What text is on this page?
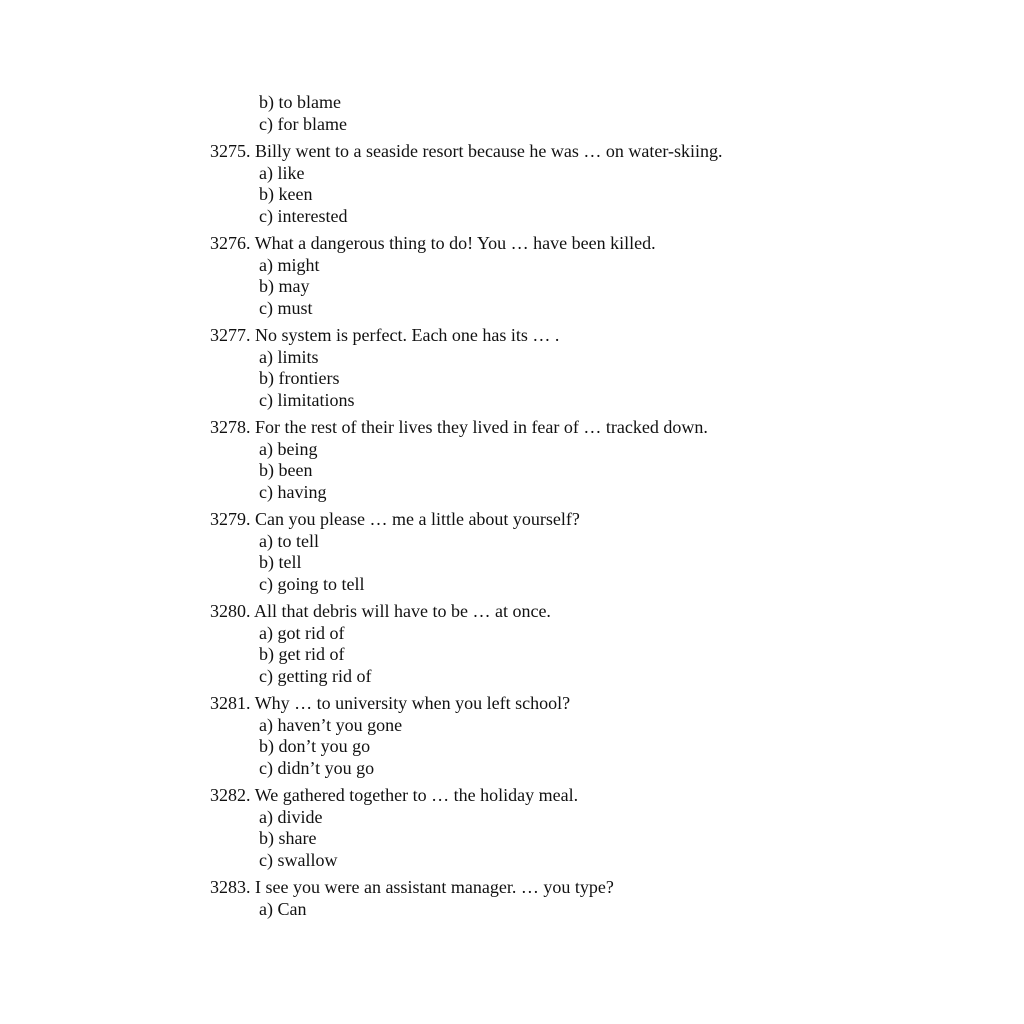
b) to blame
c) for blame
3275. Billy went to a seaside resort because he was … on water-skiing.
a) like
b) keen
c) interested
3276. What a dangerous thing to do! You … have been killed.
a) might
b) may
c) must
3277. No system is perfect. Each one has its … .
a) limits
b) frontiers
c) limitations
3278. For the rest of their lives they lived in fear of … tracked down.
a) being
b) been
c) having
3279. Can you please … me a little about yourself?
a) to tell
b) tell
c) going to tell
3280. All that debris will have to be … at once.
a) got rid of
b) get rid of
c) getting rid of
3281. Why … to university when you left school?
a) haven’t you gone
b) don’t you go
c) didn’t you go
3282. We gathered together to … the holiday meal.
a) divide
b) share
c) swallow
3283. I see you were an assistant manager. … you type?
a) Can
